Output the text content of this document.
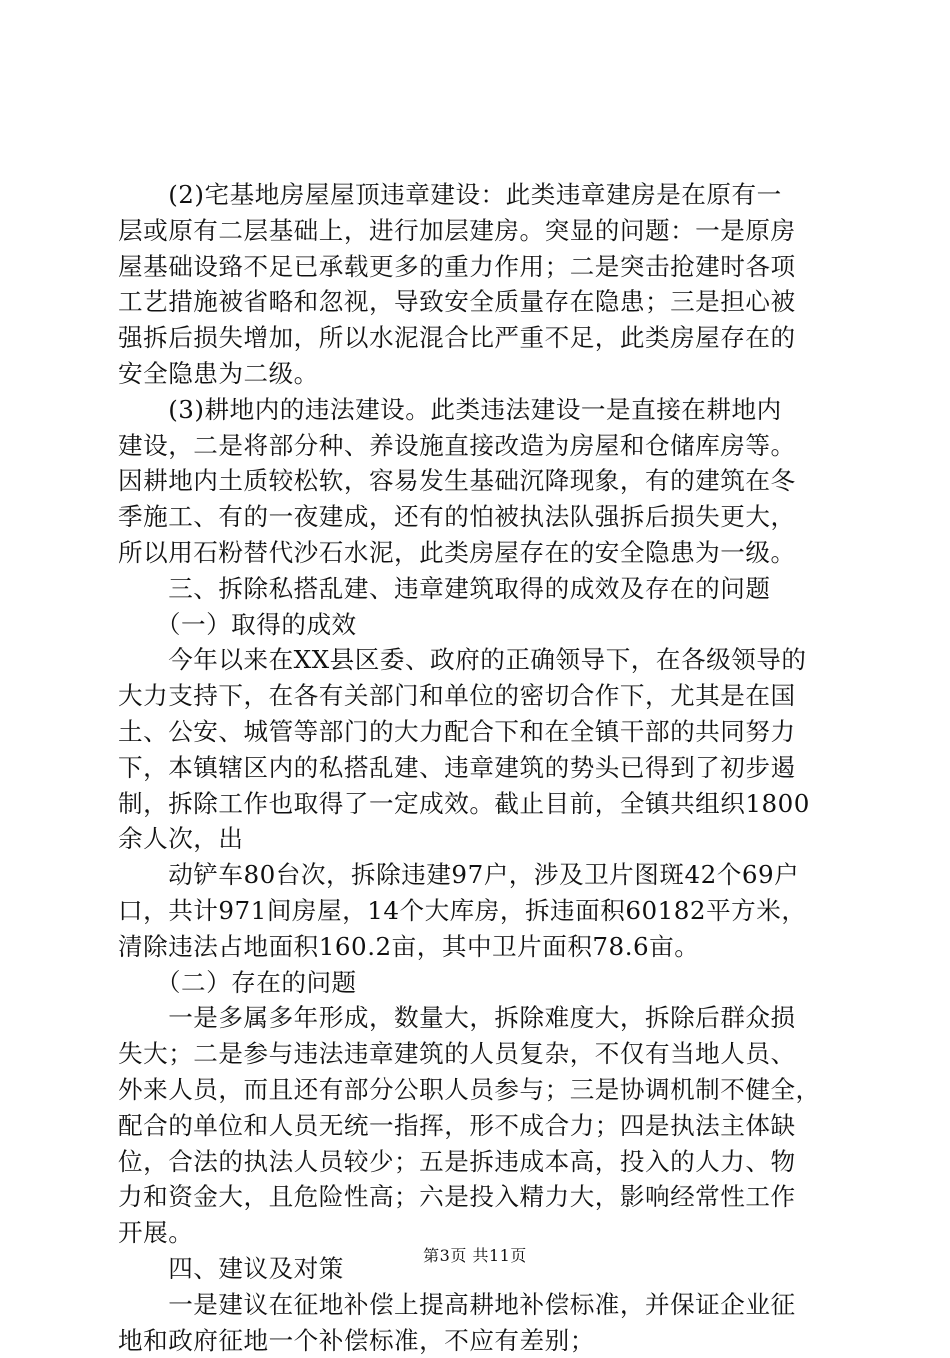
　　(2)宅基地房屋屋顶违章建设：此类违章建房是在原有一
层或原有二层基础上，进行加层建房。突显的问题：一是原房
屋基础设臵不足已承载更多的重力作用；二是突击抢建时各项
工艺措施被省略和忽视，导致安全质量存在隐患；三是担心被
强拆后损失增加，所以水泥混合比严重不足，此类房屋存在的
安全隐患为二级。
　　(3)耕地内的违法建设。此类违法建设一是直接在耕地内
建设，二是将部分种、养设施直接改造为房屋和仓储库房等。
因耕地内土质较松软，容易发生基础沉降现象，有的建筑在冬
季施工、有的一夜建成，还有的怕被执法队强拆后损失更大，
所以用石粉替代沙石水泥，此类房屋存在的安全隐患为一级。
　　三、拆除私搭乱建、违章建筑取得的成效及存在的问题
　　（一）取得的成效
　　今年以来在XX县区委、政府的正确领导下，在各级领导的
大力支持下，在各有关部门和单位的密切合作下，尤其是在国
土、公安、城管等部门的大力配合下和在全镇干部的共同努力
下，本镇辖区内的私搭乱建、违章建筑的势头已得到了初步遏
制，拆除工作也取得了一定成效。截止目前，全镇共组织1800
余人次，出
　　动铲车80台次，拆除违建97户，涉及卫片图斑42个69户
口，共计971间房屋，14个大库房，拆违面积60182平方米，
清除违法占地面积160.2亩，其中卫片面积78.6亩。
　　（二）存在的问题
　　一是多属多年形成，数量大，拆除难度大，拆除后群众损
失大；二是参与违法违章建筑的人员复杂，不仅有当地人员、
外来人员，而且还有部分公职人员参与；三是协调机制不健全，
配合的单位和人员无统一指挥，形不成合力；四是执法主体缺
位，合法的执法人员较少；五是拆违成本高，投入的人力、物
力和资金大，且危险性高；六是投入精力大，影响经常性工作
开展。
　　四、建议及对策
　　一是建议在征地补偿上提高耕地补偿标准，并保证企业征
地和政府征地一个补偿标准，不应有差别；
第3页 共11页
